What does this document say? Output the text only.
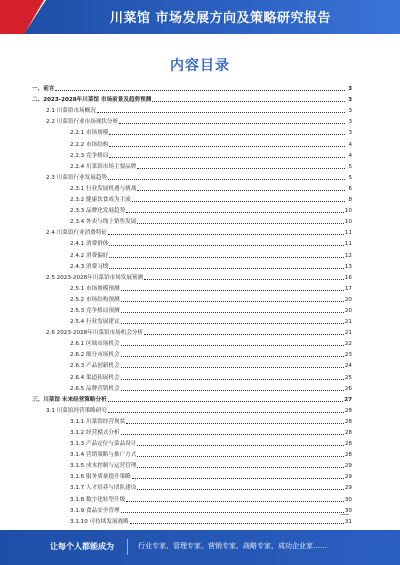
川菜馆 市场发展方向及策略研究报告
内容目录
一、前言	3
二、2023-2028年川菜馆 市场前景及趋势预测	3
2.1 川菜馆市场概况	3
2.2 川菜馆行业市场现状分析	3
2.2.1 市场规模	3
2.2.2 市场结构	4
2.2.3 竞争格局	4
2.2.4 川菜馆市场主要品牌	5
2.3 川菜馆行业发展趋势	5
2.3.1 行业发展机遇与挑战	6
2.3.2 健康饮食成为主流	8
2.3.3 品牌化发展趋势	10
2.3.4 外卖与线上销售发展	10
2.4 川菜馆行业消费特征	11
2.4.1 消费群体	11
2.4.2 消费偏好	12
2.4.3 消费习惯	13
2.5 2023-2028年川菜馆市场发展预测	16
2.5.1 市场规模预测	17
2.5.2 市场结构预测	20
2.5.3 竞争格局预测	20
2.5.4 行业发展建议	21
2.6 2023-2028年川菜馆市场机会分析	21
2.6.1 区域市场机会	22
2.6.2 细分市场机会	23
2.6.3 产品创新机会	24
2.6.4 渠道拓展机会	25
2.6.5 品牌营销机会	26
三、川菜馆 未来经营策略分析	27
3.1 川菜馆经营策略研究	28
3.1.1 川菜馆经营现状	28
3.1.2 经营模式分析	28
3.1.3 产品定位与菜品设计	28
3.1.4 营销策略与推广方式	28
3.1.5 成本控制与运营管理	29
3.1.6 服务质量提升策略	29
3.1.7 人才培养与团队建设	29
3.1.8 数字化转型升级	30
3.1.9 食品安全管理	30
3.1.10 可持续发展战略	31
让每个人都能成为	行业专家、管理专家、营销专家、战略专家、成功企业家……
